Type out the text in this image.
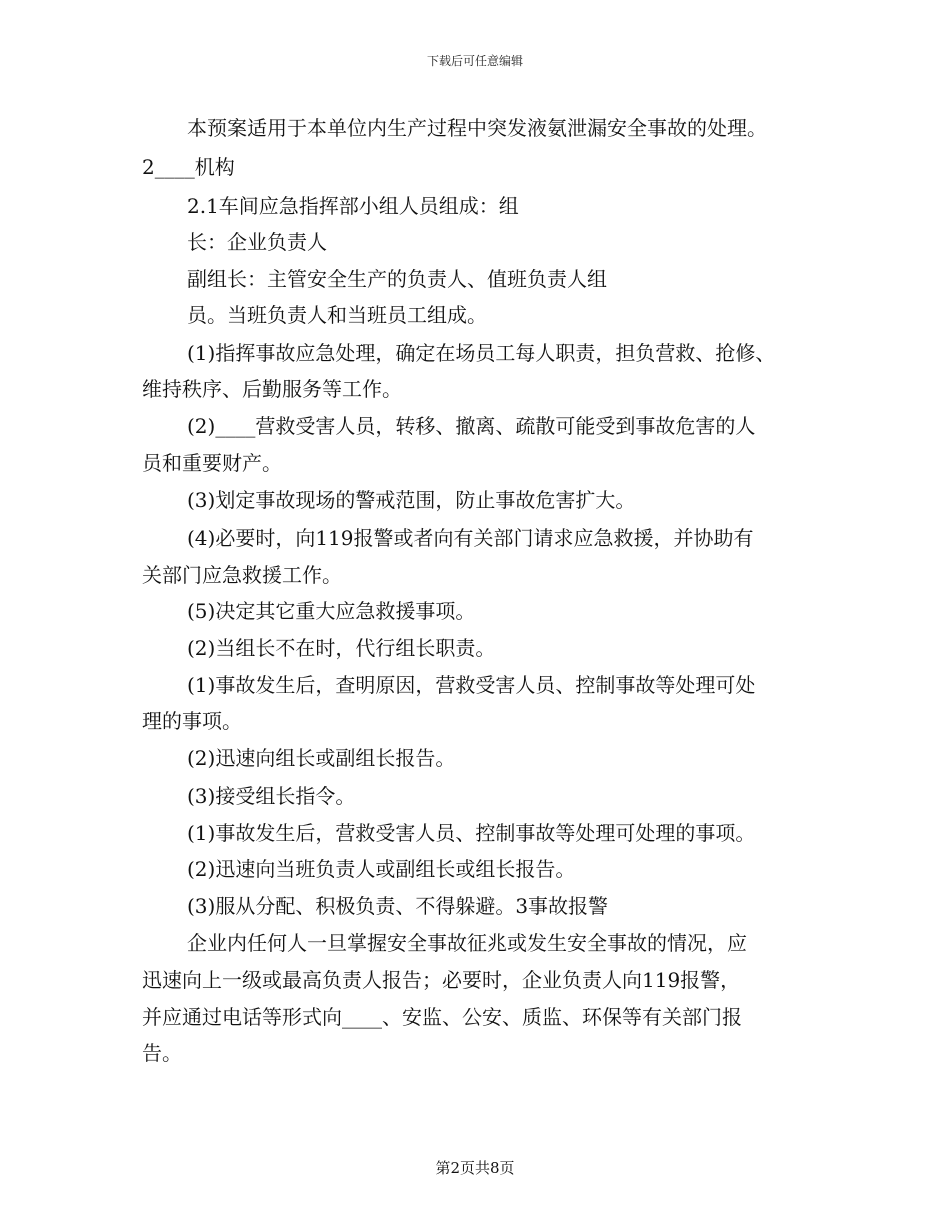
下载后可任意编辑
本预案适用于本单位内生产过程中突发液氨泄漏安全事故的处理。
2____机构
2.1车间应急指挥部小组人员组成：组
长：企业负责人
副组长：主管安全生产的负责人、值班负责人组
员。当班负责人和当班员工组成。
(1)指挥事故应急处理，确定在场员工每人职责，担负营救、抢修、
维持秩序、后勤服务等工作。
(2)____营救受害人员，转移、撤离、疏散可能受到事故危害的人
员和重要财产。
(3)划定事故现场的警戒范围，防止事故危害扩大。
(4)必要时，向119报警或者向有关部门请求应急救援，并协助有
关部门应急救援工作。
(5)决定其它重大应急救援事项。
(2)当组长不在时，代行组长职责。
(1)事故发生后，查明原因，营救受害人员、控制事故等处理可处
理的事项。
(2)迅速向组长或副组长报告。
(3)接受组长指令。
(1)事故发生后，营救受害人员、控制事故等处理可处理的事项。
(2)迅速向当班负责人或副组长或组长报告。
(3)服从分配、积极负责、不得躲避。3事故报警
企业内任何人一旦掌握安全事故征兆或发生安全事故的情况，应
迅速向上一级或最高负责人报告；必要时，企业负责人向119报警，
并应通过电话等形式向____、安监、公安、质监、环保等有关部门报
告。
第2页共8页
